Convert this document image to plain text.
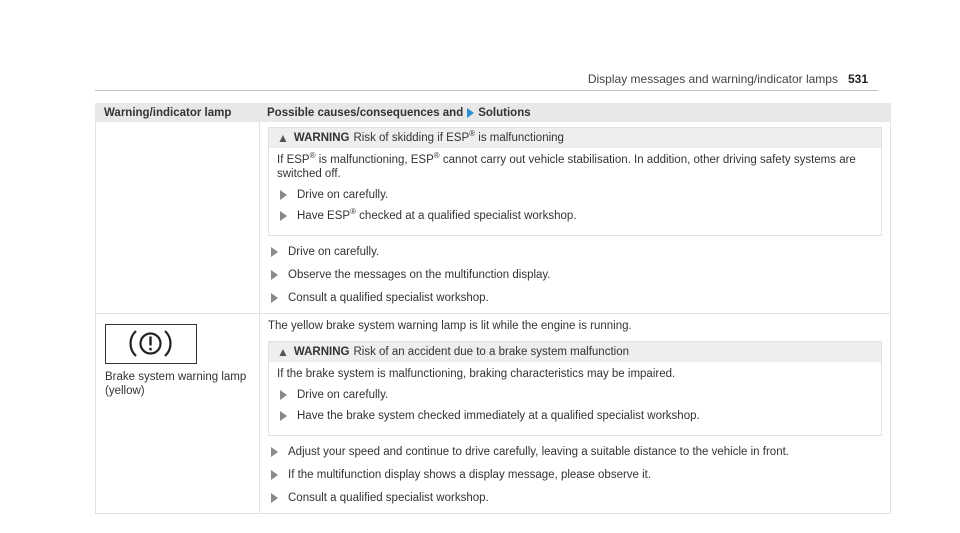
Display messages and warning/indicator lamps 531
Warning/indicator lamp	Possible causes/consequences and Solutions
▲ WARNING Risk of skidding if ESP® is malfunctioning

If ESP® is malfunctioning, ESP® cannot carry out vehicle stabilisation. In addition, other driving safety systems are switched off.

Drive on carefully.
Have ESP® checked at a qualified specialist workshop.
Drive on carefully.
Observe the messages on the multifunction display.
Consult a qualified specialist workshop.
Brake system warning lamp (yellow)

The yellow brake system warning lamp is lit while the engine is running.

▲ WARNING Risk of an accident due to a brake system malfunction

If the brake system is malfunctioning, braking characteristics may be impaired.

Drive on carefully.
Have the brake system checked immediately at a qualified specialist workshop.
Adjust your speed and continue to drive carefully, leaving a suitable distance to the vehicle in front.
If the multifunction display shows a display message, please observe it.
Consult a qualified specialist workshop.
